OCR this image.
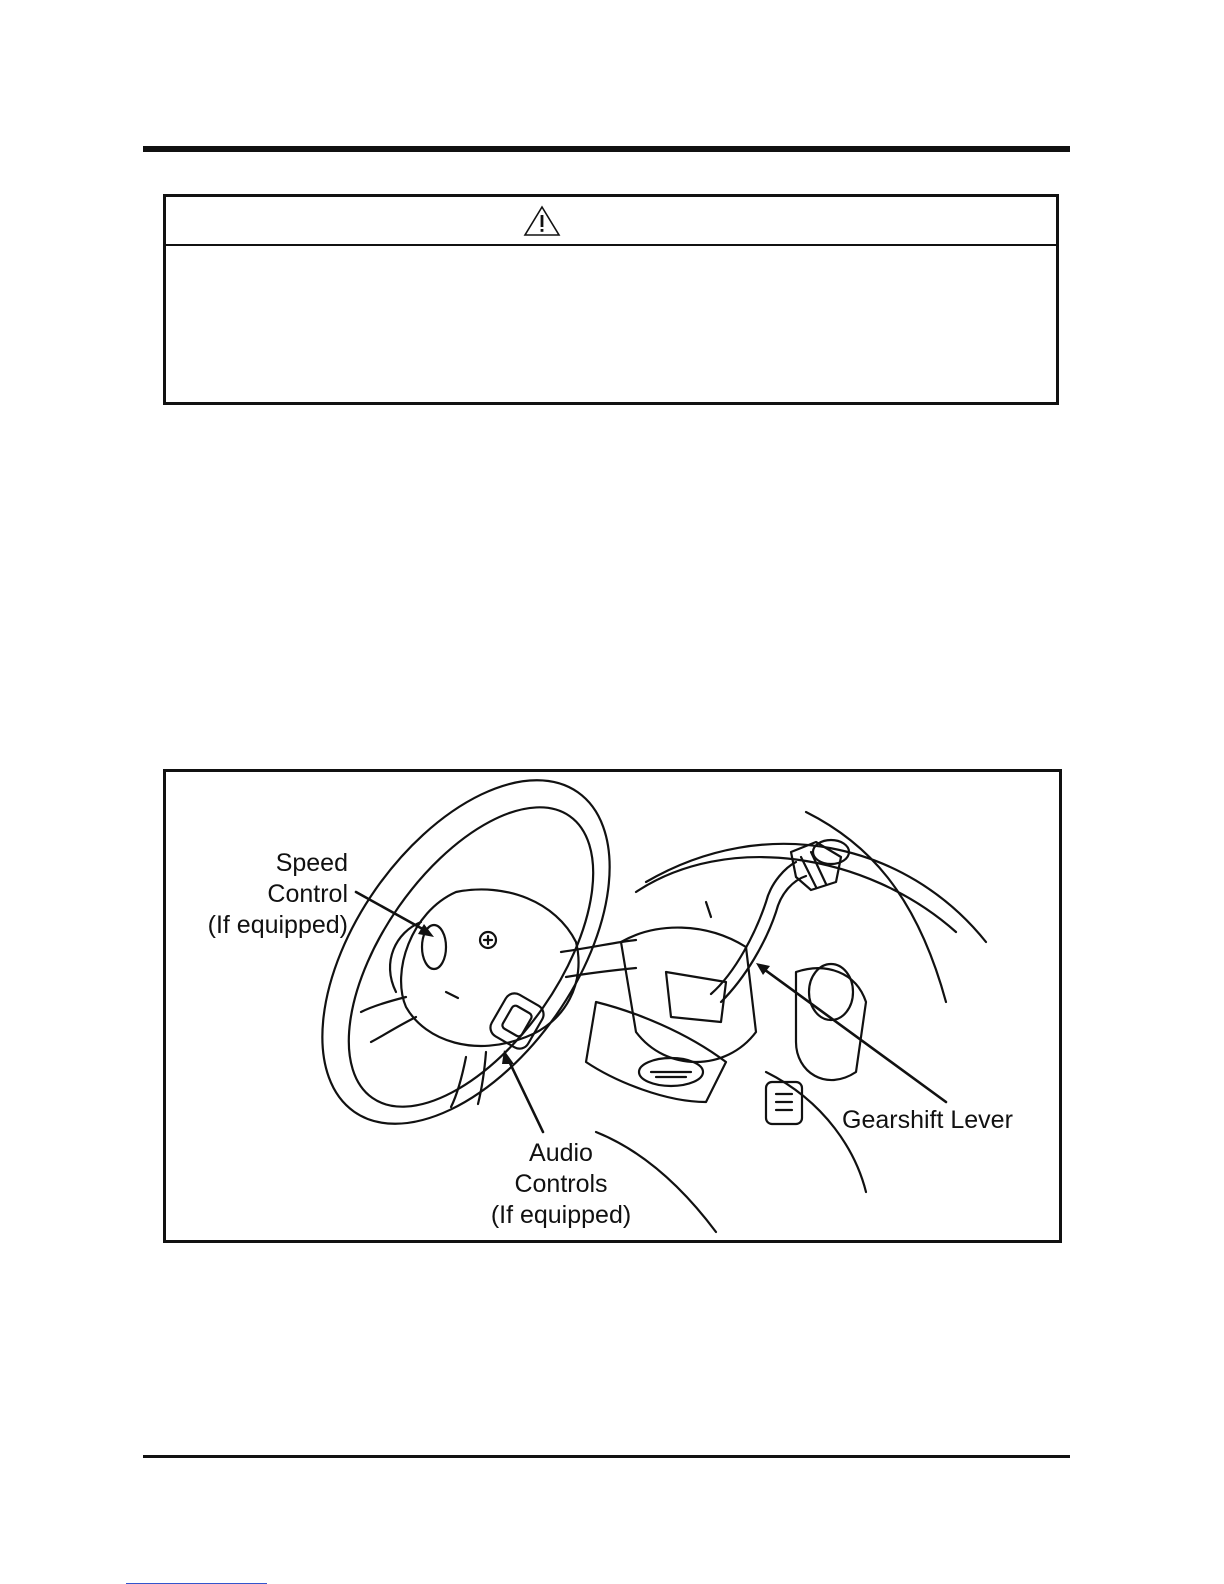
Speed
Control
(If equipped)
Audio
Controls
(If equipped)
Gearshift Lever
